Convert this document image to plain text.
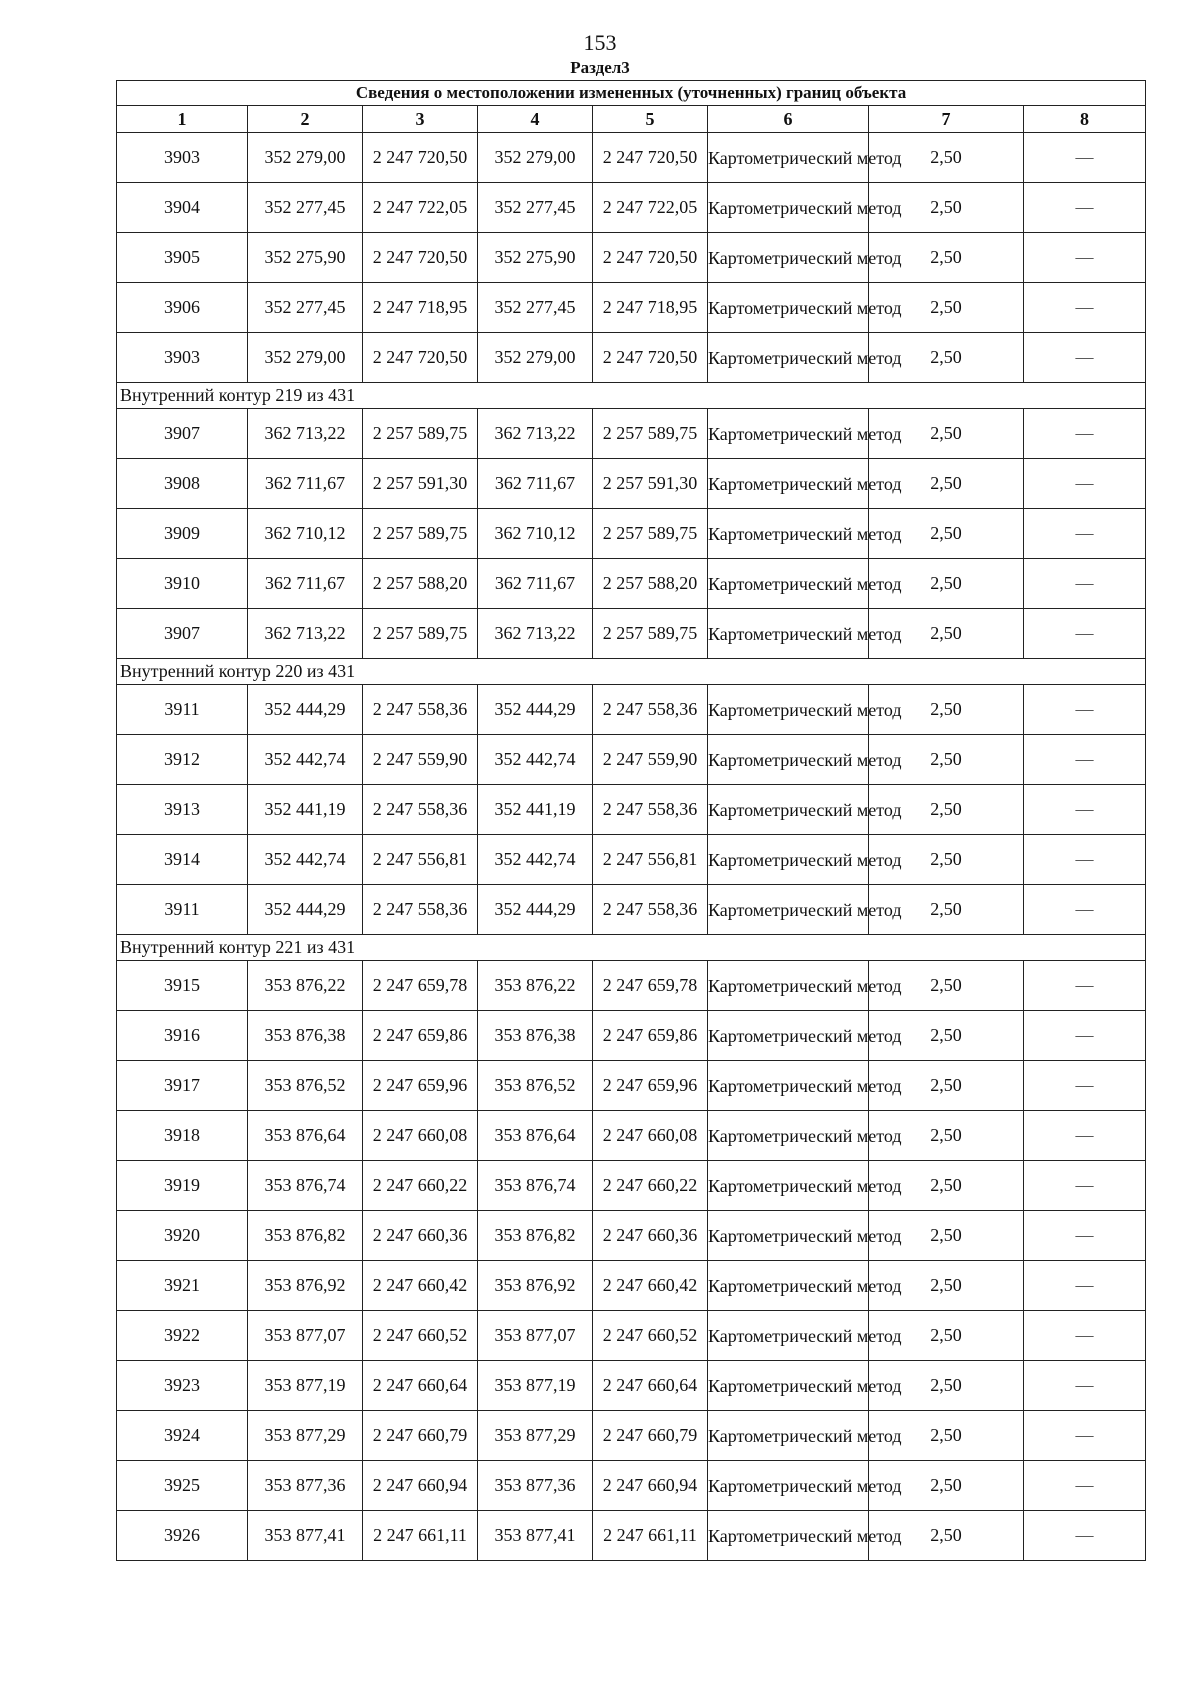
153
Раздел3
Сведения о местоположении измененных (уточненных) границ объекта							
1	2	3	4	5	6	7	8
3903	352 279,00	2 247 720,50	352 279,00	2 247 720,50	Картометрический метод	2,50	—
3904	352 277,45	2 247 722,05	352 277,45	2 247 722,05	Картометрический метод	2,50	—
3905	352 275,90	2 247 720,50	352 275,90	2 247 720,50	Картометрический метод	2,50	—
3906	352 277,45	2 247 718,95	352 277,45	2 247 718,95	Картометрический метод	2,50	—
3903	352 279,00	2 247 720,50	352 279,00	2 247 720,50	Картометрический метод	2,50	—
Внутренний контур 219 из 431							
3907	362 713,22	2 257 589,75	362 713,22	2 257 589,75	Картометрический метод	2,50	—
3908	362 711,67	2 257 591,30	362 711,67	2 257 591,30	Картометрический метод	2,50	—
3909	362 710,12	2 257 589,75	362 710,12	2 257 589,75	Картометрический метод	2,50	—
3910	362 711,67	2 257 588,20	362 711,67	2 257 588,20	Картометрический метод	2,50	—
3907	362 713,22	2 257 589,75	362 713,22	2 257 589,75	Картометрический метод	2,50	—
Внутренний контур 220 из 431							
3911	352 444,29	2 247 558,36	352 444,29	2 247 558,36	Картометрический метод	2,50	—
3912	352 442,74	2 247 559,90	352 442,74	2 247 559,90	Картометрический метод	2,50	—
3913	352 441,19	2 247 558,36	352 441,19	2 247 558,36	Картометрический метод	2,50	—
3914	352 442,74	2 247 556,81	352 442,74	2 247 556,81	Картометрический метод	2,50	—
3911	352 444,29	2 247 558,36	352 444,29	2 247 558,36	Картометрический метод	2,50	—
Внутренний контур 221 из 431							
3915	353 876,22	2 247 659,78	353 876,22	2 247 659,78	Картометрический метод	2,50	—
3916	353 876,38	2 247 659,86	353 876,38	2 247 659,86	Картометрический метод	2,50	—
3917	353 876,52	2 247 659,96	353 876,52	2 247 659,96	Картометрический метод	2,50	—
3918	353 876,64	2 247 660,08	353 876,64	2 247 660,08	Картометрический метод	2,50	—
3919	353 876,74	2 247 660,22	353 876,74	2 247 660,22	Картометрический метод	2,50	—
3920	353 876,82	2 247 660,36	353 876,82	2 247 660,36	Картометрический метод	2,50	—
3921	353 876,92	2 247 660,42	353 876,92	2 247 660,42	Картометрический метод	2,50	—
3922	353 877,07	2 247 660,52	353 877,07	2 247 660,52	Картометрический метод	2,50	—
3923	353 877,19	2 247 660,64	353 877,19	2 247 660,64	Картометрический метод	2,50	—
3924	353 877,29	2 247 660,79	353 877,29	2 247 660,79	Картометрический метод	2,50	—
3925	353 877,36	2 247 660,94	353 877,36	2 247 660,94	Картометрический метод	2,50	—
3926	353 877,41	2 247 661,11	353 877,41	2 247 661,11	Картометрический метод	2,50	—
